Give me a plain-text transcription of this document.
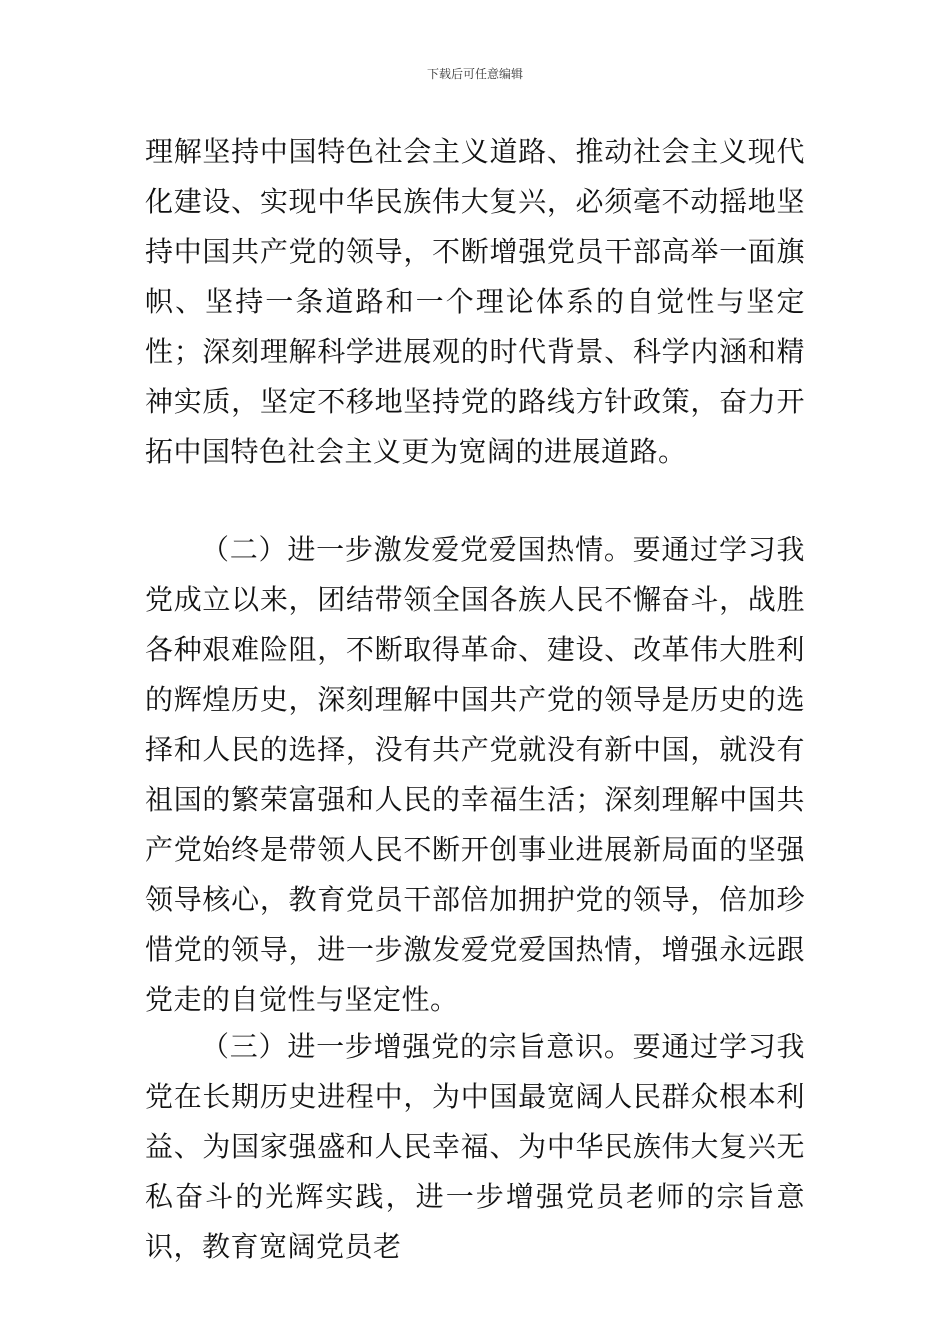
下载后可任意编辑

理解坚持中国特色社会主义道路、推动社会主义现代化建设、实现中华民族伟大复兴，必须毫不动摇地坚持中国共产党的领导，不断增强党员干部高举一面旗帜、坚持一条道路和一个理论体系的自觉性与坚定性；深刻理解科学进展观的时代背景、科学内涵和精神实质，坚定不移地坚持党的路线方针政策，奋力开拓中国特色社会主义更为宽阔的进展道路。

（二）进一步激发爱党爱国热情。要通过学习我党成立以来，团结带领全国各族人民不懈奋斗，战胜各种艰难险阻，不断取得革命、建设、改革伟大胜利的辉煌历史，深刻理解中国共产党的领导是历史的选择和人民的选择，没有共产党就没有新中国，就没有祖国的繁荣富强和人民的幸福生活；深刻理解中国共产党始终是带领人民不断开创事业进展新局面的坚强领导核心，教育党员干部倍加拥护党的领导，倍加珍惜党的领导，进一步激发爱党爱国热情，增强永远跟党走的自觉性与坚定性。

（三）进一步增强党的宗旨意识。要通过学习我党在长期历史进程中，为中国最宽阔人民群众根本利益、为国家强盛和人民幸福、为中华民族伟大复兴无私奋斗的光辉实践，进一步增强党员老师的宗旨意识，教育宽阔党员老
